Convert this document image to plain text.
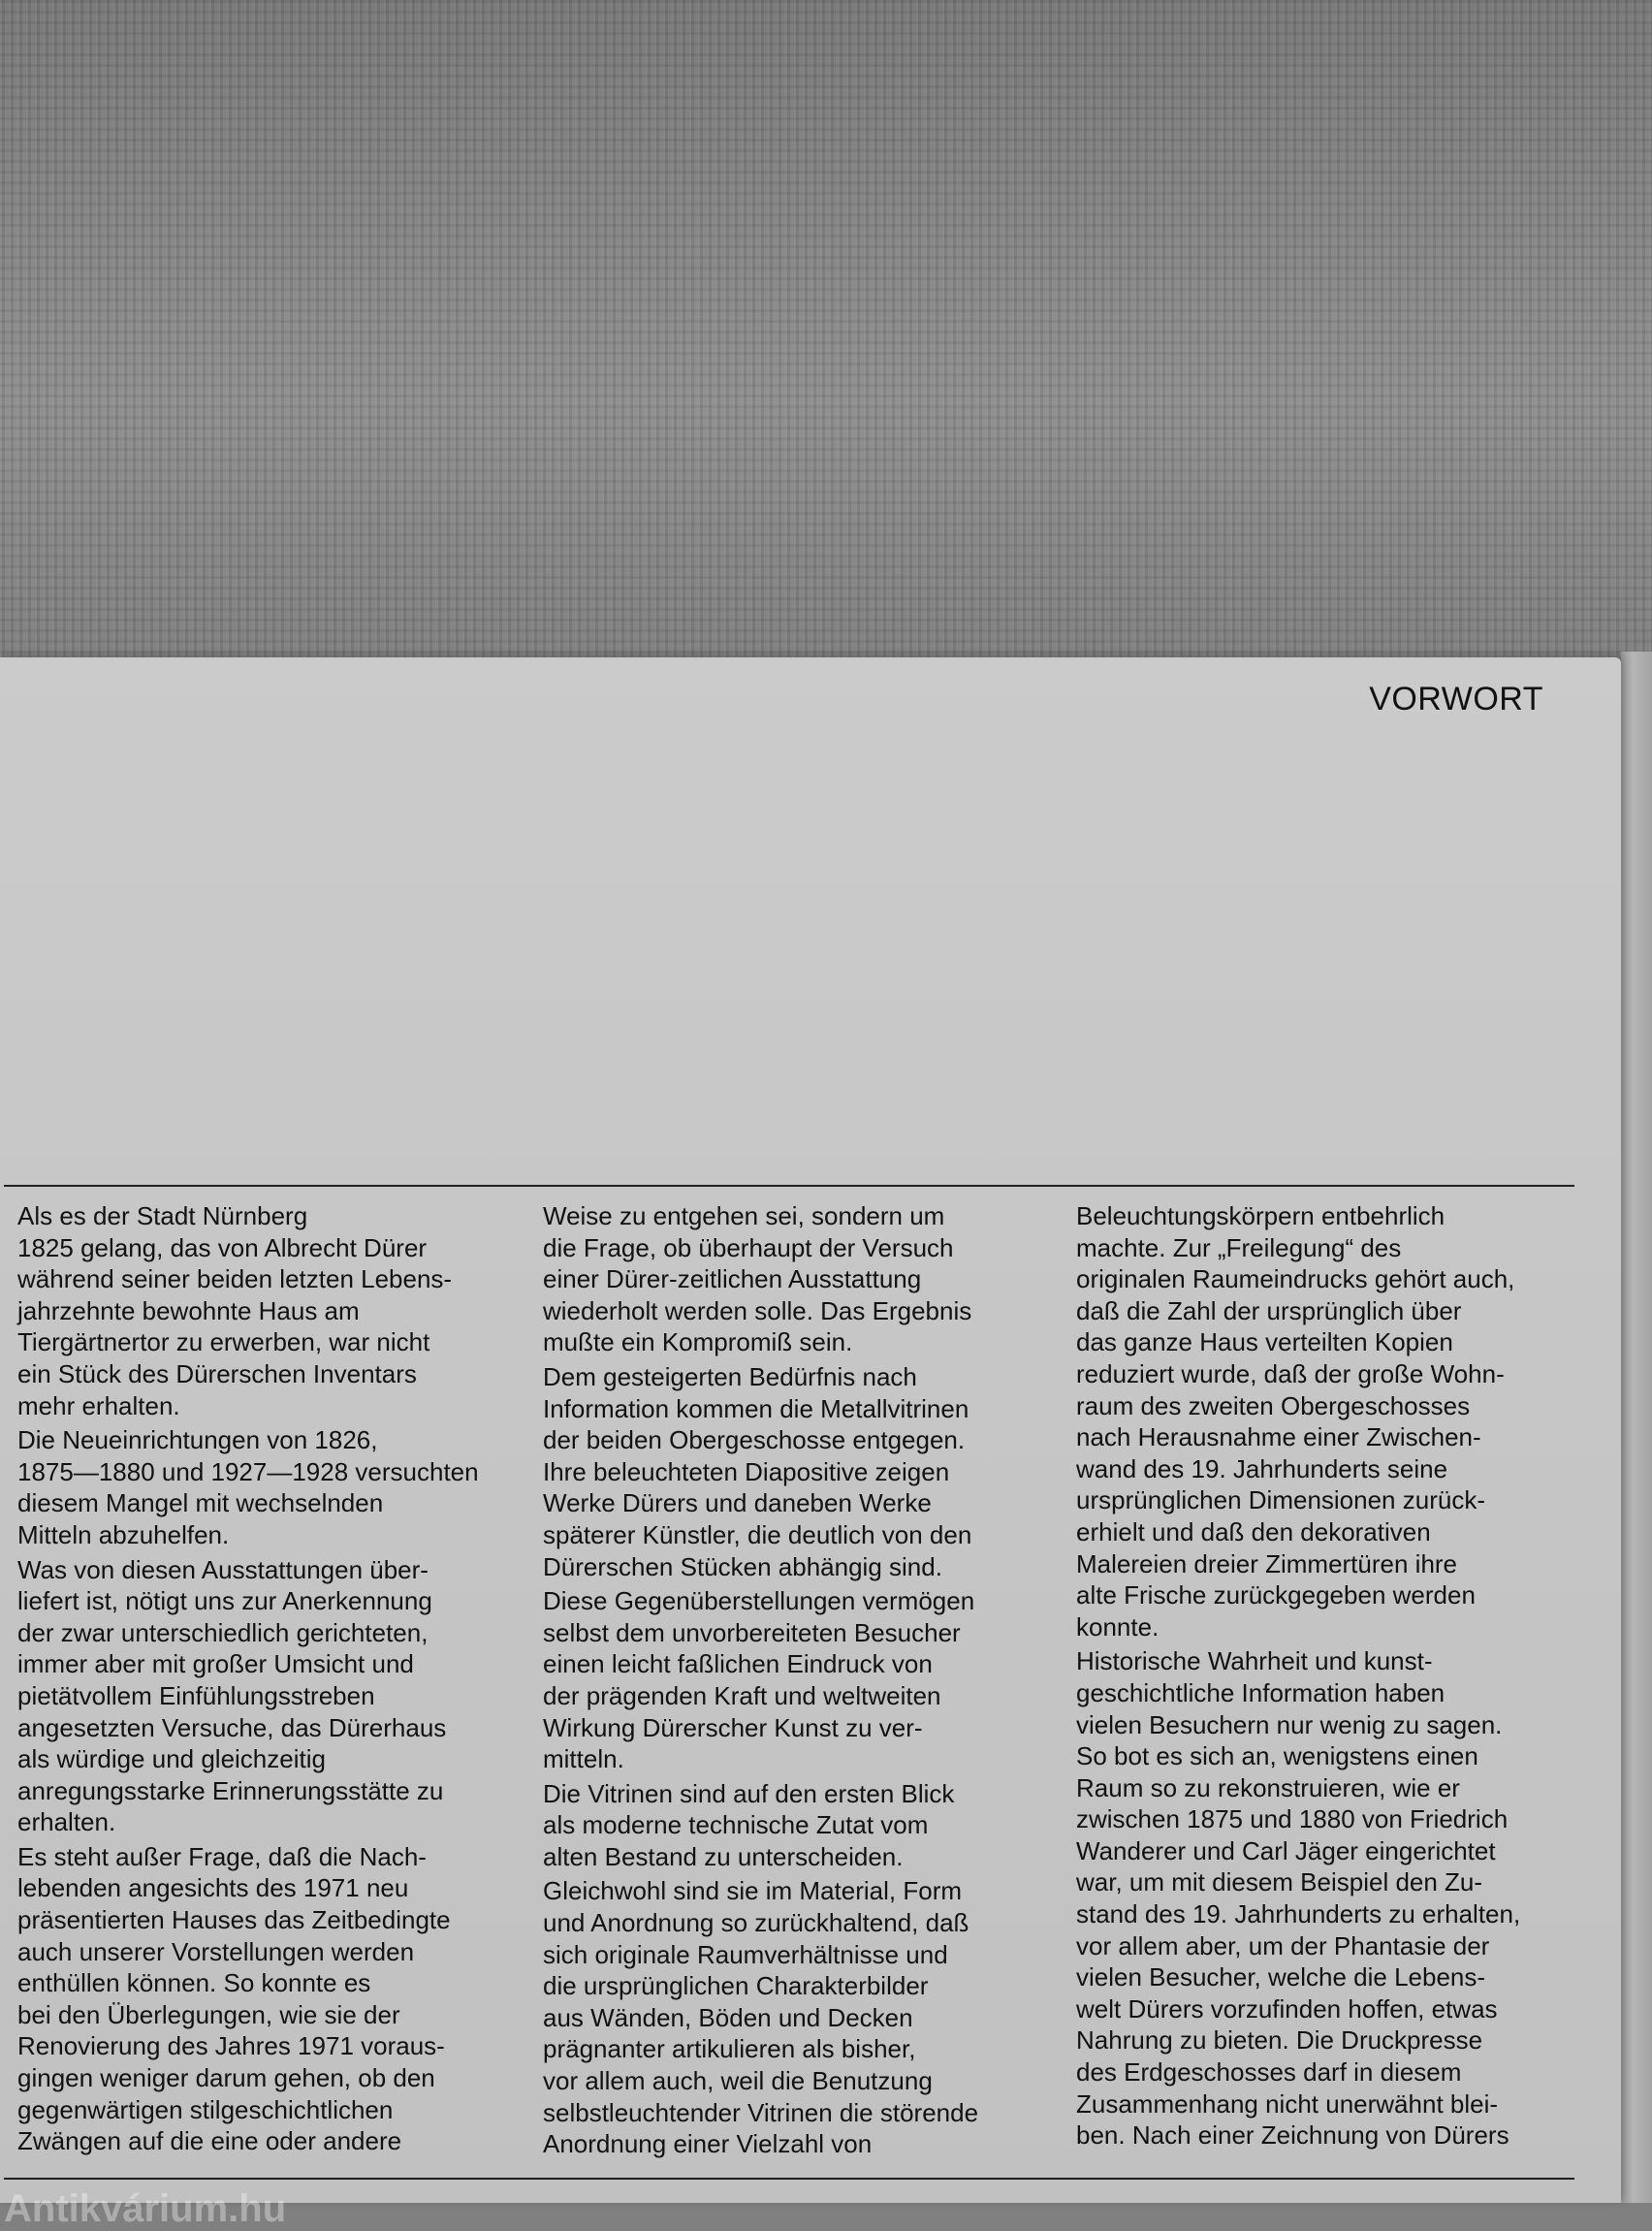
VORWORT
Als es der Stadt Nürnberg
1825 gelang, das von Albrecht Dürer
während seiner beiden letzten Lebens-
jahrzehnte bewohnte Haus am
Tiergärtnertor zu erwerben, war nicht
ein Stück des Dürerschen Inventars
mehr erhalten.
Die Neueinrichtungen von 1826,
1875—1880 und 1927—1928 versuchten
diesem Mangel mit wechselnden
Mitteln abzuhelfen.
Was von diesen Ausstattungen über-
liefert ist, nötigt uns zur Anerkennung
der zwar unterschiedlich gerichteten,
immer aber mit großer Umsicht und
pietätvollem Einfühlungsstreben
angesetzten Versuche, das Dürerhaus
als würdige und gleichzeitig
anregungsstarke Erinnerungsstätte zu
erhalten.
Es steht außer Frage, daß die Nach-
lebenden angesichts des 1971 neu
präsentierten Hauses das Zeitbedingte
auch unserer Vorstellungen werden
enthüllen können. So konnte es
bei den Überlegungen, wie sie der
Renovierung des Jahres 1971 voraus-
gingen weniger darum gehen, ob den
gegenwärtigen stilgeschichtlichen
Zwängen auf die eine oder andere
Weise zu entgehen sei, sondern um
die Frage, ob überhaupt der Versuch
einer Dürer-zeitlichen Ausstattung
wiederholt werden solle. Das Ergebnis
mußte ein Kompromiß sein.
Dem gesteigerten Bedürfnis nach
Information kommen die Metallvitrinen
der beiden Obergeschosse entgegen.
Ihre beleuchteten Diapositive zeigen
Werke Dürers und daneben Werke
späterer Künstler, die deutlich von den
Dürerschen Stücken abhängig sind.
Diese Gegenüberstellungen vermögen
selbst dem unvorbereiteten Besucher
einen leicht faßlichen Eindruck von
der prägenden Kraft und weltweiten
Wirkung Dürerscher Kunst zu ver-
mitteln.
Die Vitrinen sind auf den ersten Blick
als moderne technische Zutat vom
alten Bestand zu unterscheiden.
Gleichwohl sind sie im Material, Form
und Anordnung so zurückhaltend, daß
sich originale Raumverhältnisse und
die ursprünglichen Charakterbilder
aus Wänden, Böden und Decken
prägnanter artikulieren als bisher,
vor allem auch, weil die Benutzung
selbstleuchtender Vitrinen die störende
Anordnung einer Vielzahl von
Beleuchtungskörpern entbehrlich
machte. Zur „Freilegung“ des
originalen Raumeindrucks gehört auch,
daß die Zahl der ursprünglich über
das ganze Haus verteilten Kopien
reduziert wurde, daß der große Wohn-
raum des zweiten Obergeschosses
nach Herausnahme einer Zwischen-
wand des 19. Jahrhunderts seine
ursprünglichen Dimensionen zurück-
erhielt und daß den dekorativen
Malereien dreier Zimmertüren ihre
alte Frische zurückgegeben werden
konnte.
Historische Wahrheit und kunst-
geschichtliche Information haben
vielen Besuchern nur wenig zu sagen.
So bot es sich an, wenigstens einen
Raum so zu rekonstruieren, wie er
zwischen 1875 und 1880 von Friedrich
Wanderer und Carl Jäger eingerichtet
war, um mit diesem Beispiel den Zu-
stand des 19. Jahrhunderts zu erhalten,
vor allem aber, um der Phantasie der
vielen Besucher, welche die Lebens-
welt Dürers vorzufinden hoffen, etwas
Nahrung zu bieten. Die Druckpresse
des Erdgeschosses darf in diesem
Zusammenhang nicht unerwähnt blei-
ben. Nach einer Zeichnung von Dürers
Antikvárium.hu
